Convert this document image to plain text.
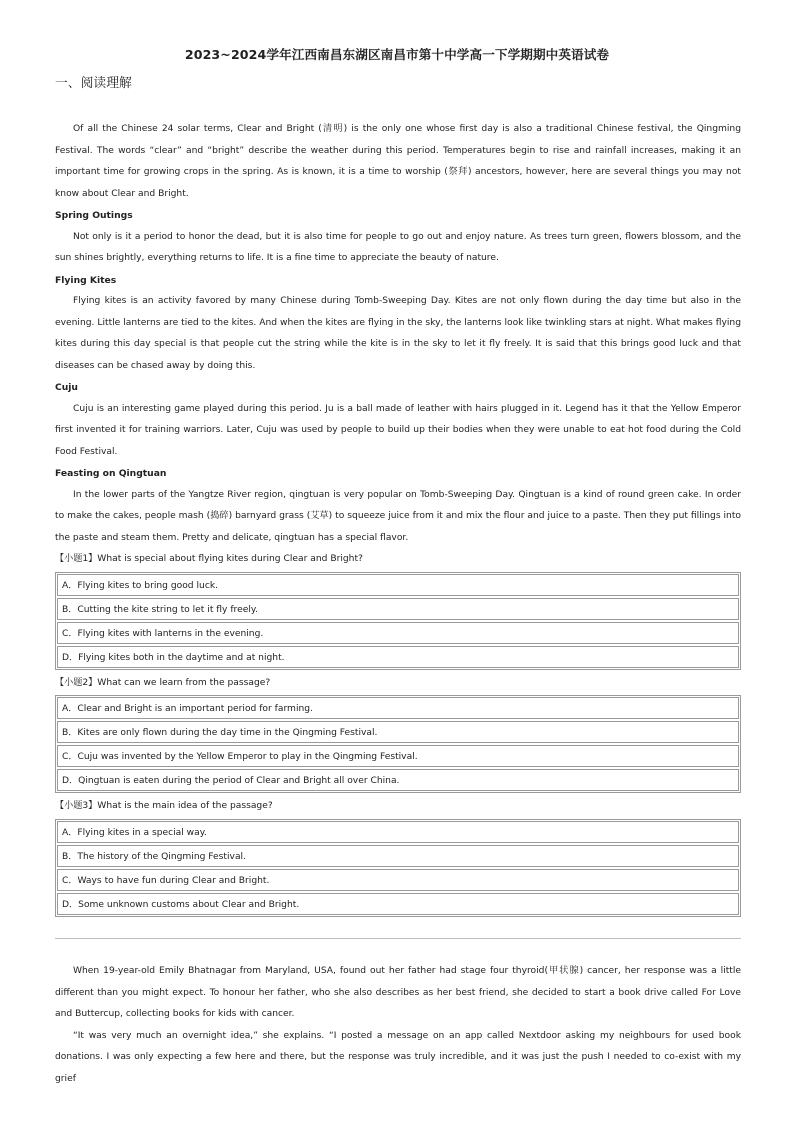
2023~2024学年江西南昌东湖区南昌市第十中学高一下学期期中英语试卷
一、阅读理解

Of all the Chinese 24 solar terms, Clear and Bright (清明) is the only one whose first day is also a traditional Chinese festival, the Qingming Festival. The words “clear” and “bright” describe the weather during this period. Temperatures begin to rise and rainfall increases, making it an important time for growing crops in the spring. As is known, it is a time to worship (祭拜) ancestors, however, here are several things you may not know about Clear and Bright.

Spring Outings

Not only is it a period to honor the dead, but it is also time for people to go out and enjoy nature. As trees turn green, flowers blossom, and the sun shines brightly, everything returns to life. It is a fine time to appreciate the beauty of nature.

Flying Kites

Flying kites is an activity favored by many Chinese during Tomb-Sweeping Day. Kites are not only flown during the day time but also in the evening. Little lanterns are tied to the kites. And when the kites are flying in the sky, the lanterns look like twinkling stars at night. What makes flying kites during this day special is that people cut the string while the kite is in the sky to let it fly freely. It is said that this brings good luck and that diseases can be chased away by doing this.

Cuju

Cuju is an interesting game played during this period. Ju is a ball made of leather with hairs plugged in it. Legend has it that the Yellow Emperor first invented it for training warriors. Later, Cuju was used by people to build up their bodies when they were unable to eat hot food during the Cold Food Festival.

Feasting on Qingtuan

In the lower parts of the Yangtze River region, qingtuan is very popular on Tomb-Sweeping Day. Qingtuan is a kind of round green cake. In order to make the cakes, people mash (捣碎) barnyard grass (艾草) to squeeze juice from it and mix the flour and juice to a paste. Then they put fillings into the paste and steam them. Pretty and delicate, qingtuan has a special flavor.

【小题1】What is special about flying kites during Clear and Bright?

A．Flying kites to bring good luck.
B．Cutting the kite string to let it fly freely.
C．Flying kites with lanterns in the evening.
D．Flying kites both in the daytime and at night.

【小题2】What can we learn from the passage?

A．Clear and Bright is an important period for farming.
B．Kites are only flown during the day time in the Qingming Festival.
C．Cuju was invented by the Yellow Emperor to play in the Qingming Festival.
D．Qingtuan is eaten during the period of Clear and Bright all over China.

【小题3】What is the main idea of the passage?

A．Flying kites in a special way.
B．The history of the Qingming Festival.
C．Ways to have fun during Clear and Bright.
D．Some unknown customs about Clear and Bright.

When 19-year-old Emily Bhatnagar from Maryland, USA, found out her father had stage four thyroid(甲状腺) cancer, her response was a little different than you might expect. To honour her father, who she also describes as her best friend, she decided to start a book drive called For Love and Buttercup, collecting books for kids with cancer.

“It was very much an overnight idea,” she explains. “I posted a message on an app called Nextdoor asking my neighbours for used book donations. I was only expecting a few here and there, but the response was truly incredible, and it was just the push I needed to co-exist with my grief
